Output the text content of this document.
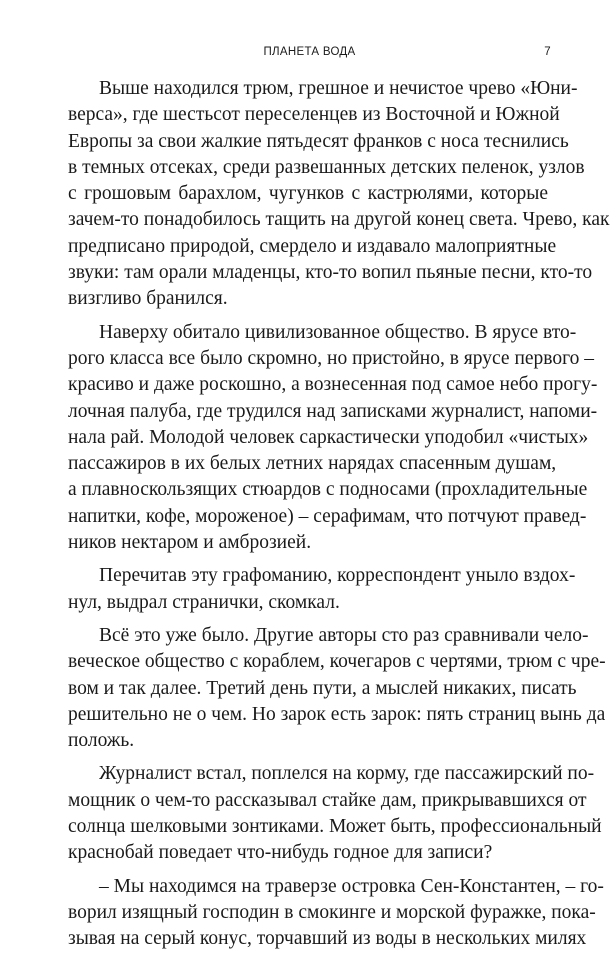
ПЛАНЕТА ВОДА	7
Выше находился трюм, грешное и нечистое чрево «Юни-
верса», где шестьсот переселенцев из Восточной и Южной
Европы за свои жалкие пятьдесят франков с носа теснились
в темных отсеках, среди развешанных детских пеленок, узлов
с грошовым барахлом, чугунков с кастрюлями, которые
зачем-то понадобилось тащить на другой конец света. Чрево, как
предписано природой, смердело и издавало малоприятные
звуки: там орали младенцы, кто-то вопил пьяные песни, кто-то
визгливо бранился.
Наверху обитало цивилизованное общество. В ярусе вто-
рого класса все было скромно, но пристойно, в ярусе первого –
красиво и даже роскошно, а вознесенная под самое небо прогу-
лочная палуба, где трудился над записками журналист, напоми-
нала рай. Молодой человек саркастически уподобил «чистых»
пассажиров в их белых летних нарядах спасенным душам,
а плавноскользящих стюардов с подносами (прохладительные
напитки, кофе, мороженое) – серафимам, что потчуют правед-
ников нектаром и амброзией.
Перечитав эту графоманию, корреспондент уныло вздох-
нул, выдрал странички, скомкал.
Всё это уже было. Другие авторы сто раз сравнивали чело-
веческое общество с кораблем, кочегаров с чертями, трюм с чре-
вом и так далее. Третий день пути, а мыслей никаких, писать
решительно не о чем. Но зарок есть зарок: пять страниц вынь да
положь.
Журналист встал, поплелся на корму, где пассажирский по-
мощник о чем-то рассказывал стайке дам, прикрывавшихся от
солнца шелковыми зонтиками. Может быть, профессиональный
краснобай поведает что-нибудь годное для записи?
– Мы находимся на траверзе островка Сен-Константен, – го-
ворил изящный господин в смокинге и морской фуражке, пока-
зывая на серый конус, торчавший из воды в нескольких милях
